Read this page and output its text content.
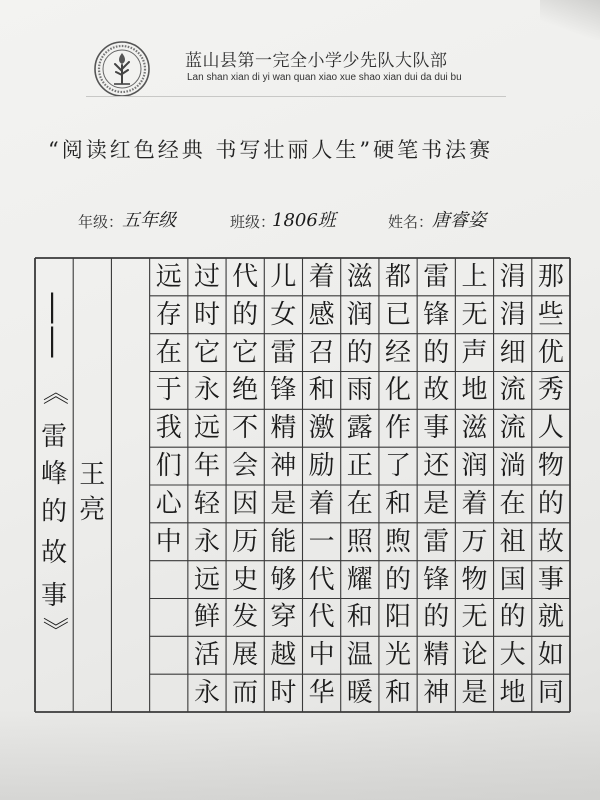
蓝山县第一完全小学少先队大队部
Lan shan xian di yi wan quan xiao xue shao xian dui da dui bu
“阅读红色经典 书写壮丽人生”硬笔书法赛
年级：
五年级	班级：
1806班	姓名：
唐睿姿
那
些
优
秀
人
物
的
故
事
就
如
同
涓
涓
细
流
流
淌
在
祖
国
的
大
地
上
无
声
地
滋
润
着
万
物
无
论
是
雷
锋
的
故
事
还
是
雷
锋
的
精
神
都
已
经
化
作
了
和
煦
的
阳
光
和
滋
润
的
雨
露
正
在
照
耀
和
温
暖
着
感
召
和
激
励
着
一
代
代
中
华
儿
女
雷
锋
精
神
是
能
够
穿
越
时
代
的
它
绝
不
会
因
历
史
发
展
而
过
时
它
永
远
年
轻
永
远
鲜
活
永
远
存
在
于
我
们
心
中
——
《
雷
峰
的
故
事
》
王
亮
